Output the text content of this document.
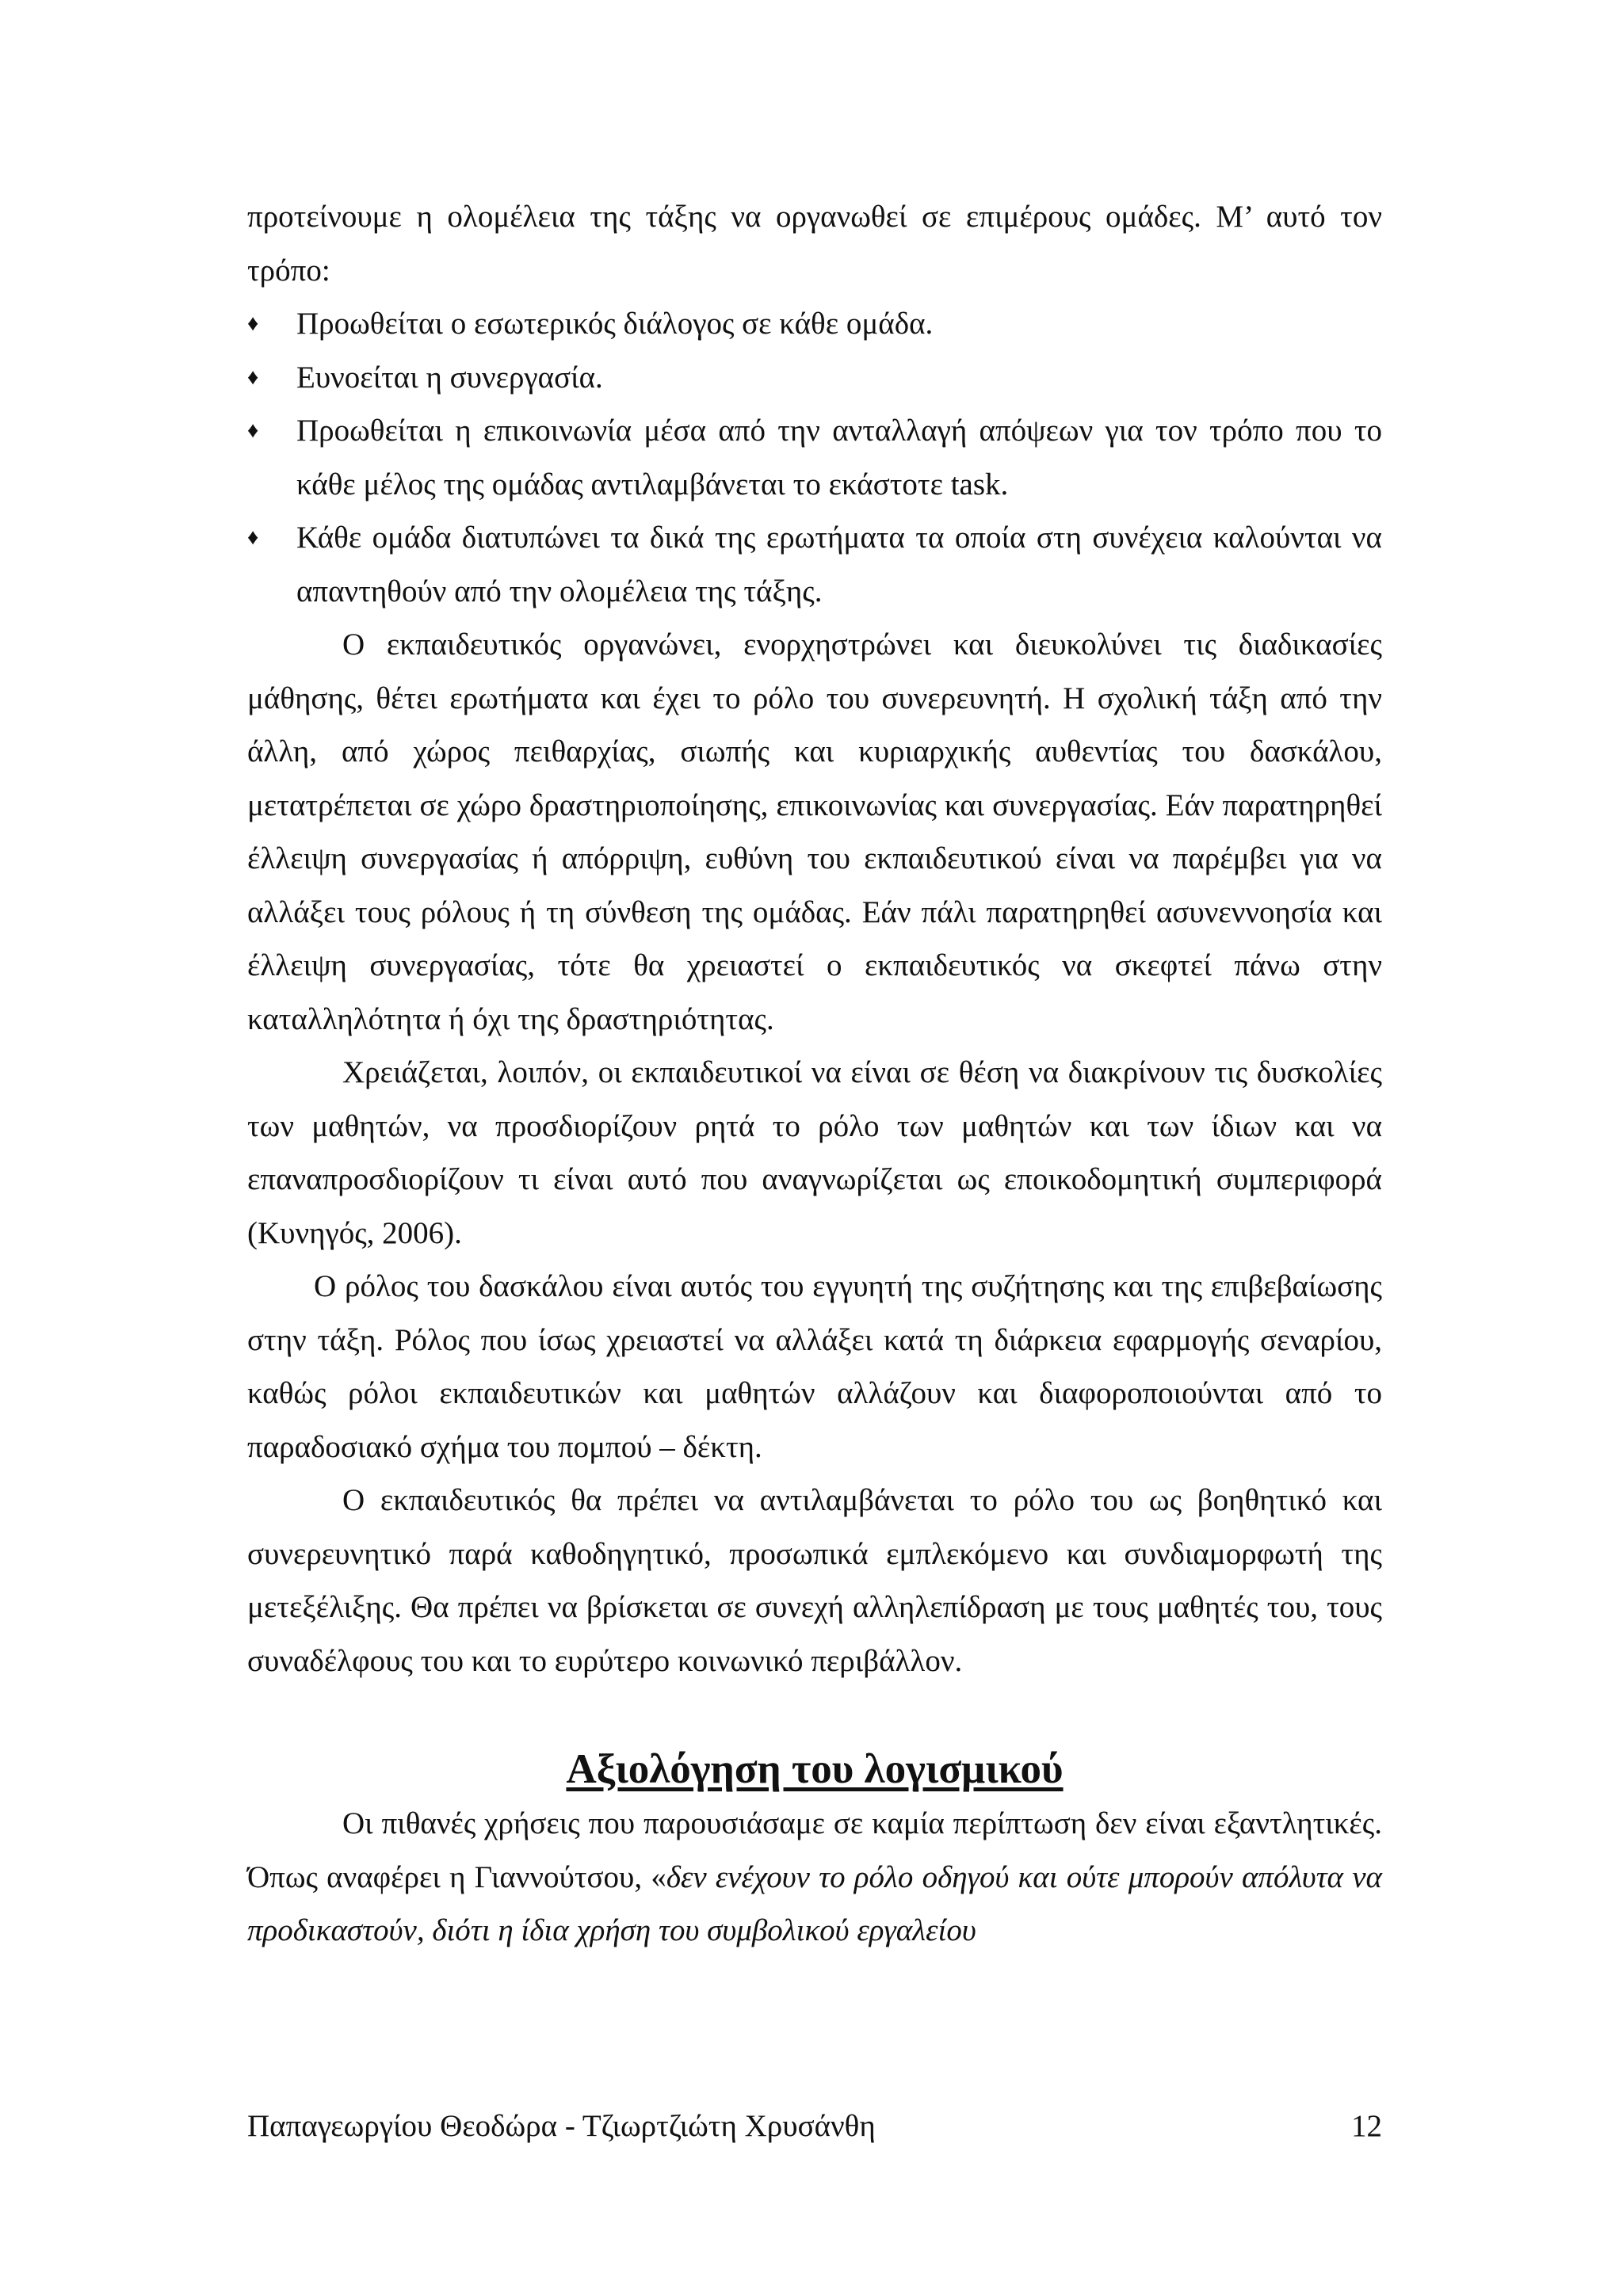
προτείνουμε η ολομέλεια της τάξης να οργανωθεί σε επιμέρους ομάδες. Μ’ αυτό τον τρόπο:

♦ Προωθείται ο εσωτερικός διάλογος σε κάθε ομάδα.
♦ Ευνοείται η συνεργασία.
♦ Προωθείται η επικοινωνία μέσα από την ανταλλαγή απόψεων για τον τρόπο που το κάθε μέλος της ομάδας αντιλαμβάνεται το εκάστοτε task.
♦ Κάθε ομάδα διατυπώνει τα δικά της ερωτήματα τα οποία στη συνέχεια καλούνται να απαντηθούν από την ολομέλεια της τάξης.

Ο εκπαιδευτικός οργανώνει, ενορχηστρώνει και διευκολύνει τις διαδικασίες μάθησης, θέτει ερωτήματα και έχει το ρόλο του συνερευνητή. Η σχολική τάξη από την άλλη, από χώρος πειθαρχίας, σιωπής και κυριαρχικής αυθεντίας του δασκάλου, μετατρέπεται σε χώρο δραστηριοποίησης, επικοινωνίας και συνεργασίας. Εάν παρατηρηθεί έλλειψη συνεργασίας ή απόρριψη, ευθύνη του εκπαιδευτικού είναι να παρέμβει για να αλλάξει τους ρόλους ή τη σύνθεση της ομάδας. Εάν πάλι παρατηρηθεί ασυνεννοησία και έλλειψη συνεργασίας, τότε θα χρειαστεί ο εκπαιδευτικός να σκεφτεί πάνω στην καταλληλότητα ή όχι της δραστηριότητας.

Χρειάζεται, λοιπόν, οι εκπαιδευτικοί να είναι σε θέση να διακρίνουν τις δυσκολίες των μαθητών, να προσδιορίζουν ρητά το ρόλο των μαθητών και των ίδιων και να επαναπροσδιορίζουν τι είναι αυτό που αναγνωρίζεται ως εποικοδομητική συμπεριφορά (Κυνηγός, 2006).

Ο ρόλος του δασκάλου είναι αυτός του εγγυητή της συζήτησης και της επιβεβαίωσης στην τάξη. Ρόλος που ίσως χρειαστεί να αλλάξει κατά τη διάρκεια εφαρμογής σεναρίου, καθώς ρόλοι εκπαιδευτικών και μαθητών αλλάζουν και διαφοροποιούνται από το παραδοσιακό σχήμα του πομπού – δέκτη.

Ο εκπαιδευτικός θα πρέπει να αντιλαμβάνεται το ρόλο του ως βοηθητικό και συνερευνητικό παρά καθοδηγητικό, προσωπικά εμπλεκόμενο και συνδιαμορφωτή της μετεξέλιξης. Θα πρέπει να βρίσκεται σε συνεχή αλληλεπίδραση με τους μαθητές του, τους συναδέλφους του και το ευρύτερο κοινωνικό περιβάλλον.

Αξιολόγηση του λογισμικού

Οι πιθανές χρήσεις που παρουσιάσαμε σε καμία περίπτωση δεν είναι εξαντλητικές. Όπως αναφέρει η Γιαννούτσου, «δεν ενέχουν το ρόλο οδηγού και ούτε μπορούν απόλυτα να προδικαστούν, διότι η ίδια χρήση του συμβολικού εργαλείου

Παπαγεωργίου Θεοδώρα - Τζιωρτζιώτη Χρυσάνθη	12
